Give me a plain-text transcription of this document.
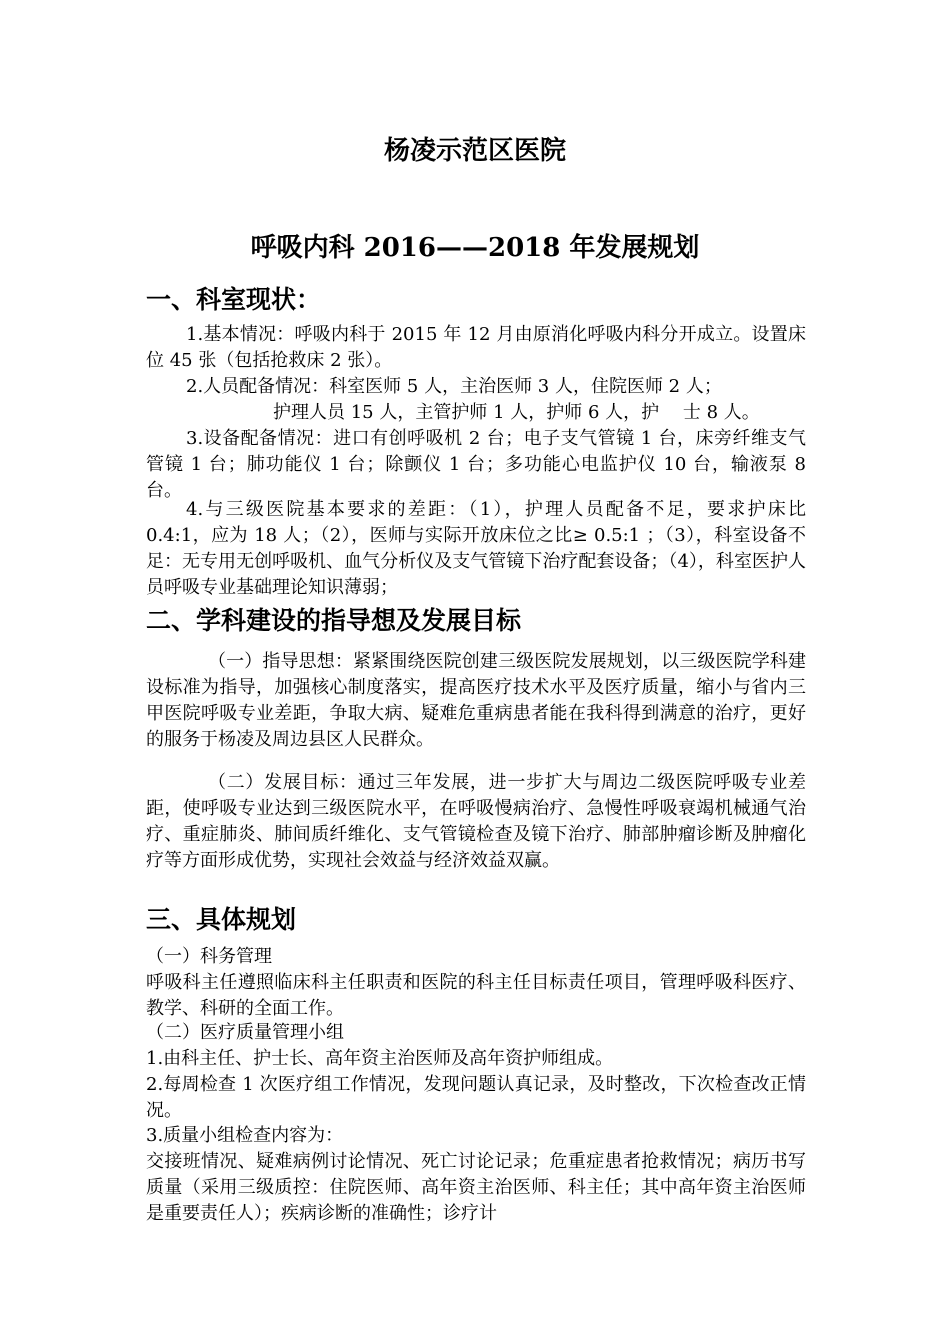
杨凌示范区医院
呼吸内科 2016——2018 年发展规划
一、科室现状：

1.基本情况：呼吸内科于 2015 年 12 月由原消化呼吸内科分开成立。设置床位 45 张（包括抢救床 2 张）。

2.人员配备情况：科室医师 5 人，主治医师 3 人，住院医师 2 人；

护理人员 15 人，主管护师 1 人，护师 6 人，护　 士 8 人。

3.设备配备情况：进口有创呼吸机 2 台；电子支气管镜 1 台，床旁纤维支气管镜 1 台；肺功能仪 1 台；除颤仪 1 台；多功能心电监护仪 10 台，输液泵 8 台。

4.与三级医院基本要求的差距：（1），护理人员配备不足，要求护床比 0.4:1，应为 18 人；（2），医师与实际开放床位之比≥ 0.5:1 ；（3），科室设备不足：无专用无创呼吸机、血气分析仪及支气管镜下治疗配套设备；（4），科室医护人员呼吸专业基础理论知识薄弱；

二、学科建设的指导想及发展目标

（一）指导思想：紧紧围绕医院创建三级医院发展规划，以三级医院学科建设标准为指导，加强核心制度落实，提高医疗技术水平及医疗质量，缩小与省内三甲医院呼吸专业差距，争取大病、疑难危重病患者能在我科得到满意的治疗，更好的服务于杨凌及周边县区人民群众。

（二）发展目标：通过三年发展，进一步扩大与周边二级医院呼吸专业差距，使呼吸专业达到三级医院水平，在呼吸慢病治疗、急慢性呼吸衰竭机械通气治疗、重症肺炎、肺间质纤维化、支气管镜检查及镜下治疗、肺部肿瘤诊断及肿瘤化疗等方面形成优势，实现社会效益与经济效益双赢。

三、具体规划

（一）科务管理

呼吸科主任遵照临床科主任职责和医院的科主任目标责任项目，管理呼吸科医疗、教学、科研的全面工作。

（二）医疗质量管理小组

1.由科主任、护士长、高年资主治医师及高年资护师组成。

2.每周检查 1 次医疗组工作情况，发现问题认真记录，及时整改，下次检查改正情况。

3.质量小组检查内容为：

交接班情况、疑难病例讨论情况、死亡讨论记录；危重症患者抢救情况；病历书写质量（采用三级质控：住院医师、高年资主治医师、科主任；其中高年资主治医师是重要责任人）；疾病诊断的准确性；诊疗计
